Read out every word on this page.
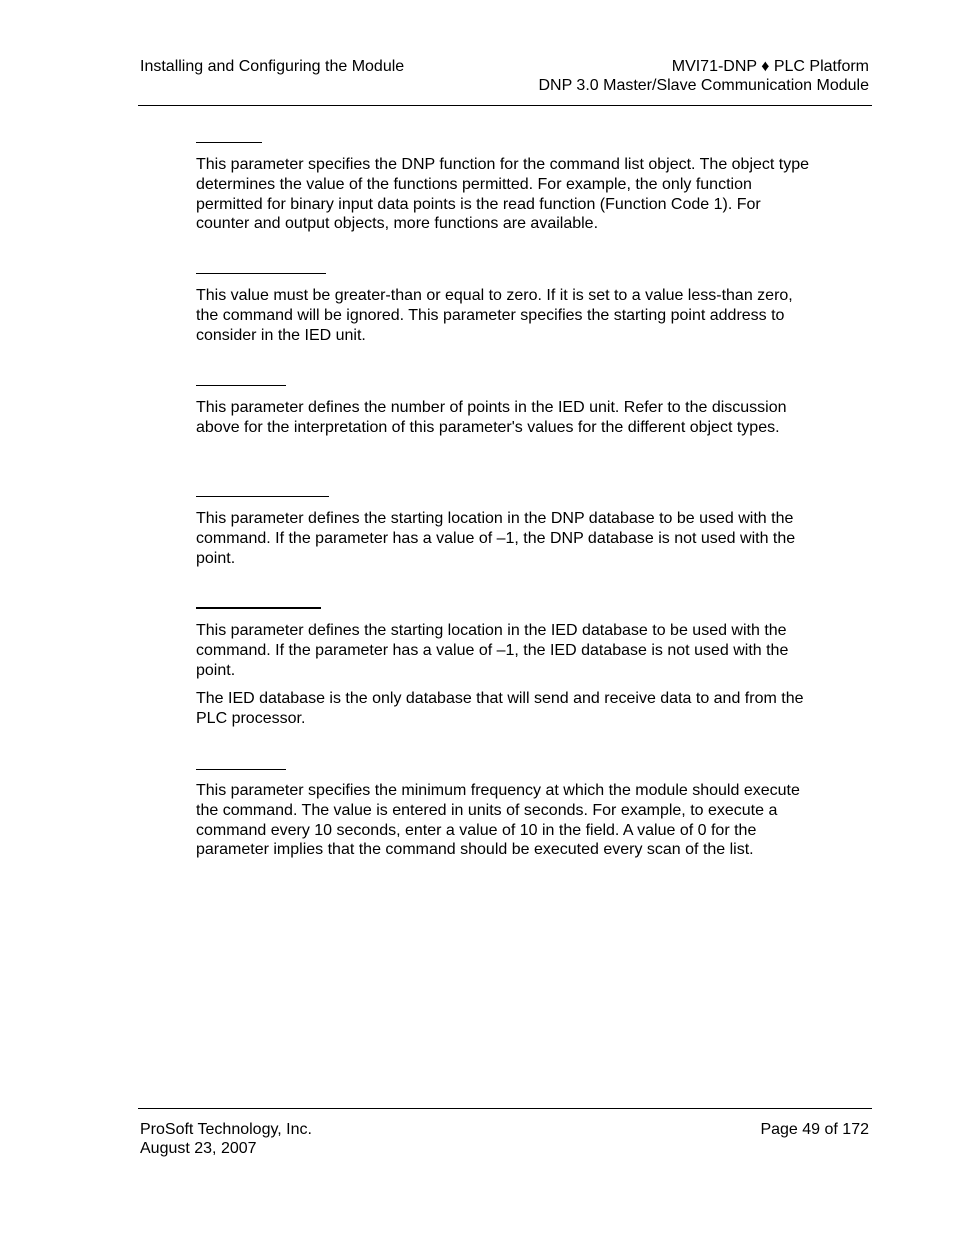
Installing and Configuring the Module	MVI71-DNP ♦ PLC Platform
DNP 3.0 Master/Slave Communication Module

This parameter specifies the DNP function for the command list object. The object type determines the value of the functions permitted. For example, the only function permitted for binary input data points is the read function (Function Code 1). For counter and output objects, more functions are available.

This value must be greater-than or equal to zero. If it is set to a value less-than zero, the command will be ignored. This parameter specifies the starting point address to consider in the IED unit.

This parameter defines the number of points in the IED unit. Refer to the discussion above for the interpretation of this parameter's values for the different object types.

This parameter defines the starting location in the DNP database to be used with the command. If the parameter has a value of –1, the DNP database is not used with the point.

This parameter defines the starting location in the IED database to be used with the command. If the parameter has a value of –1, the IED database is not used with the point.

The IED database is the only database that will send and receive data to and from the PLC processor.

This parameter specifies the minimum frequency at which the module should execute the command. The value is entered in units of seconds. For example, to execute a command every 10 seconds, enter a value of 10 in the field. A value of 0 for the parameter implies that the command should be executed every scan of the list.

ProSoft Technology, Inc.
August 23, 2007
Page 49 of 172
